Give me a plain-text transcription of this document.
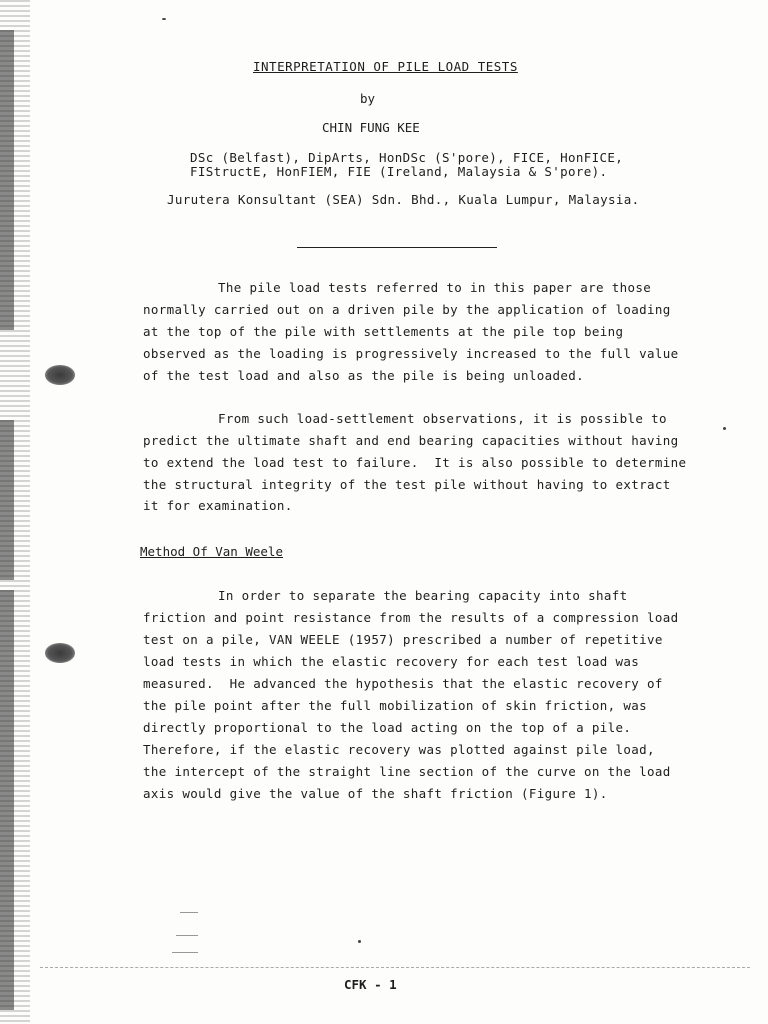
INTERPRETATION OF PILE LOAD TESTS
by
CHIN FUNG KEE
DSc (Belfast), DipArts, HonDSc (S'pore), FICE, HonFICE,
FIStructE, HonFIEM, FIE (Ireland, Malaysia & S'pore).
Jurutera Konsultant (SEA) Sdn. Bhd., Kuala Lumpur, Malaysia.
The pile load tests referred to in this paper are those
normally carried out on a driven pile by the application of loading
at the top of the pile with settlements at the pile top being
observed as the loading is progressively increased to the full value
of the test load and also as the pile is being unloaded.
From such load-settlement observations, it is possible to
predict the ultimate shaft and end bearing capacities without having
to extend the load test to failure.  It is also possible to determine
the structural integrity of the test pile without having to extract
it for examination.
Method Of Van Weele
In order to separate the bearing capacity into shaft
friction and point resistance from the results of a compression load
test on a pile, VAN WEELE (1957) prescribed a number of repetitive
load tests in which the elastic recovery for each test load was
measured.  He advanced the hypothesis that the elastic recovery of
the pile point after the full mobilization of skin friction, was
directly proportional to the load acting on the top of a pile.
Therefore, if the elastic recovery was plotted against pile load,
the intercept of the straight line section of the curve on the load
axis would give the value of the shaft friction (Figure 1).
CFK - 1
